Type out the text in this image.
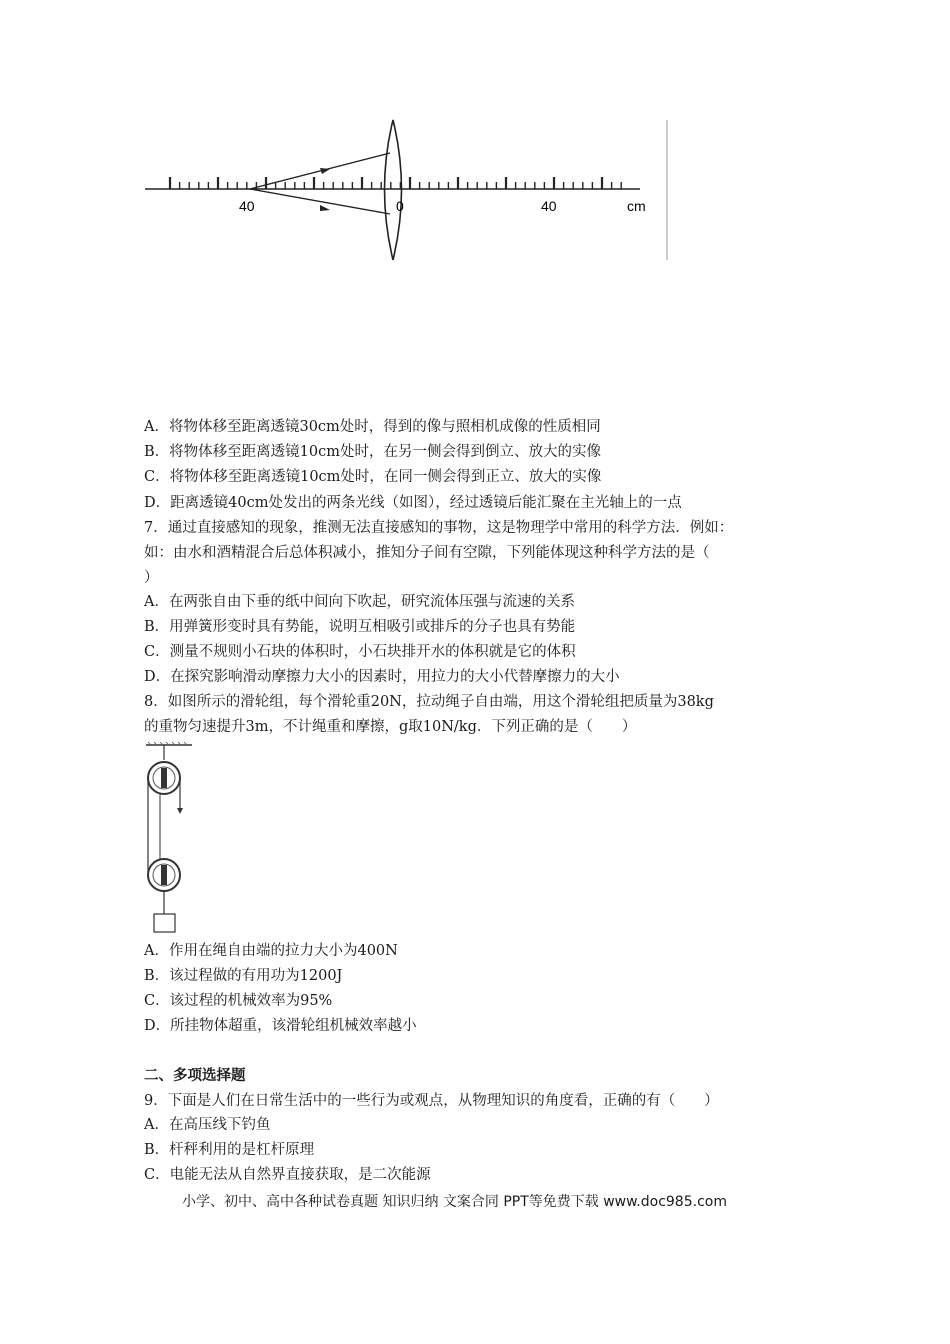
40	0	40	cm
A．将物体移至距离透镜30cm处时，得到的像与照相机成像的性质相同
B．将物体移至距离透镜10cm处时，在另一侧会得到倒立、放大的实像
C．将物体移至距离透镜10cm处时，在同一侧会得到正立、放大的实像
D．距离透镜40cm处发出的两条光线（如图），经过透镜后能汇聚在主光轴上的一点
7．通过直接感知的现象，推测无法直接感知的事物，这是物理学中常用的科学方法．例如：
如：由水和酒精混合后总体积减小，推知分子间有空隙，下列能体现这种科学方法的是（
）
A．在两张自由下垂的纸中间向下吹起，研究流体压强与流速的关系
B．用弹簧形变时具有势能，说明互相吸引或排斥的分子也具有势能
C．测量不规则小石块的体积时，小石块排开水的体积就是它的体积
D．在探究影响滑动摩擦力大小的因素时，用拉力的大小代替摩擦力的大小
8．如图所示的滑轮组，每个滑轮重20N，拉动绳子自由端，用这个滑轮组把质量为38kg
的重物匀速提升3m，不计绳重和摩擦，g取10N/kg．下列正确的是（　　）
A．作用在绳自由端的拉力大小为400N
B．该过程做的有用功为1200J
C．该过程的机械效率为95%
D．所挂物体超重，该滑轮组机械效率越小
二、多项选择题
9．下面是人们在日常生活中的一些行为或观点，从物理知识的角度看，正确的有（　　）
A．在高压线下钓鱼
B．杆秤利用的是杠杆原理
C．电能无法从自然界直接获取，是二次能源
小学、初中、高中各种试卷真题 知识归纳 文案合同 PPT等免费下载 www.doc985.com
